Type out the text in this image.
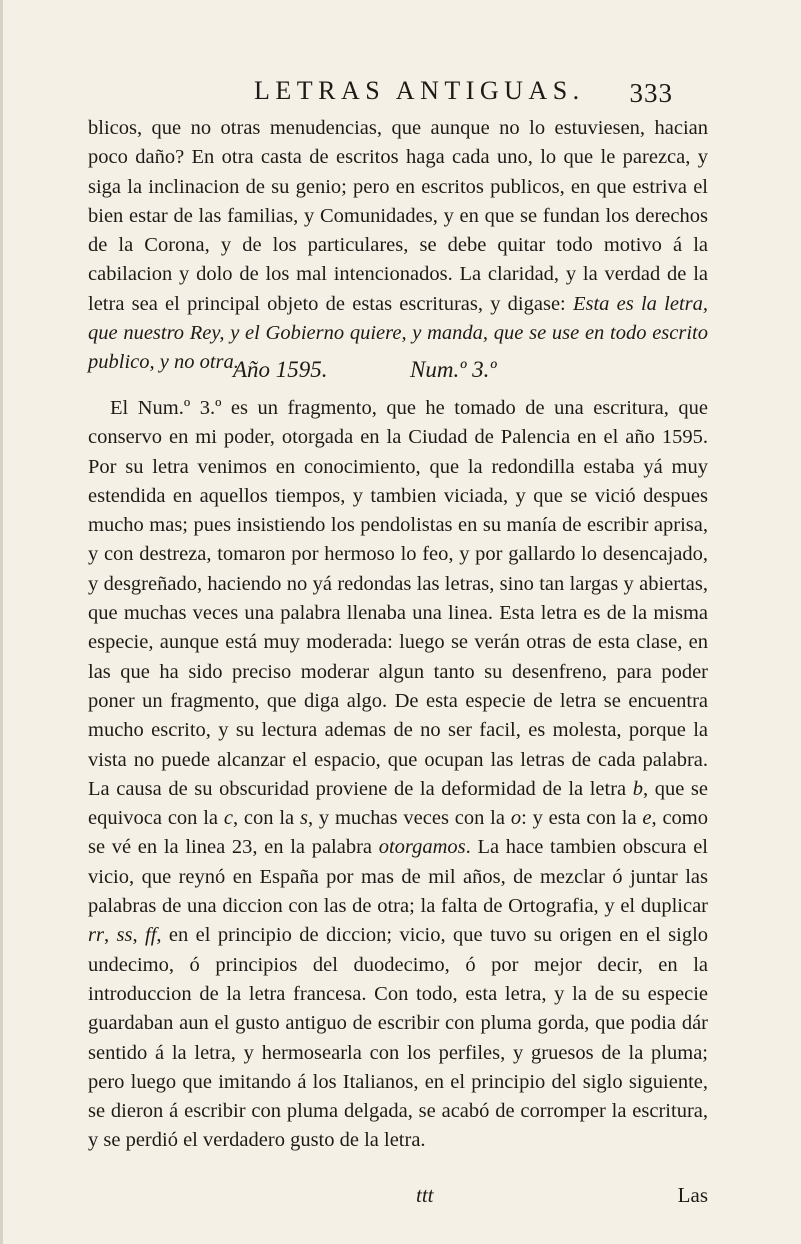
LETRAS ANTIGUAS. 333

blicos, que no otras menudencias, que aunque no lo estuviesen, hacian poco daño? En otra casta de escritos haga cada uno, lo que le parezca, y siga la inclinacion de su genio; pero en escritos publicos, en que estriva el bien estar de las familias, y Comunidades, y en que se fundan los derechos de la Corona, y de los particulares, se debe quitar todo motivo á la cabilacion y dolo de los mal intencionados. La claridad, y la verdad de la letra sea el principal objeto de estas escrituras, y digase: Esta es la letra, que nuestro Rey, y el Gobierno quiere, y manda, que se use en todo escrito publico, y no otra.

Año 1595.	Num.º 3.º

El Num.º 3.º es un fragmento, que he tomado de una escritura, que conservo en mi poder, otorgada en la Ciudad de Palencia en el año 1595. Por su letra venimos en conocimiento, que la redondilla estaba yá muy estendida en aquellos tiempos, y tambien viciada, y que se vició despues mucho mas; pues insistiendo los pendolistas en su manía de escribir aprisa, y con destreza, tomaron por hermoso lo feo, y por gallardo lo desencajado, y desgreñado, haciendo no yá redondas las letras, sino tan largas y abiertas, que muchas veces una palabra llenaba una linea. Esta letra es de la misma especie, aunque está muy moderada: luego se verán otras de esta clase, en las que ha sido preciso moderar algun tanto su desenfreno, para poder poner un fragmento, que diga algo. De esta especie de letra se encuentra mucho escrito, y su lectura ademas de no ser facil, es molesta, porque la vista no puede alcanzar el espacio, que ocupan las letras de cada palabra. La causa de su obscuridad proviene de la deformidad de la letra b, que se equivoca con la c, con la s, y muchas veces con la o: y esta con la e, como se vé en la linea 23, en la palabra otorgamos. La hace tambien obscura el vicio, que reynó en España por mas de mil años, de mezclar ó juntar las palabras de una diccion con las de otra; la falta de Ortografia, y el duplicar rr, ss, ff, en el principio de diccion; vicio, que tuvo su origen en el siglo undecimo, ó principios del duodecimo, ó por mejor decir, en la introduccion de la letra francesa. Con todo, esta letra, y la de su especie guardaban aun el gusto antiguo de escribir con pluma gorda, que podia dár sentido á la letra, y hermosearla con los perfiles, y gruesos de la pluma; pero luego que imitando á los Italianos, en el principio del siglo siguiente, se dieron á escribir con pluma delgada, se acabó de corromper la escritura, y se perdió el verdadero gusto de la letra.

ttt	Las
